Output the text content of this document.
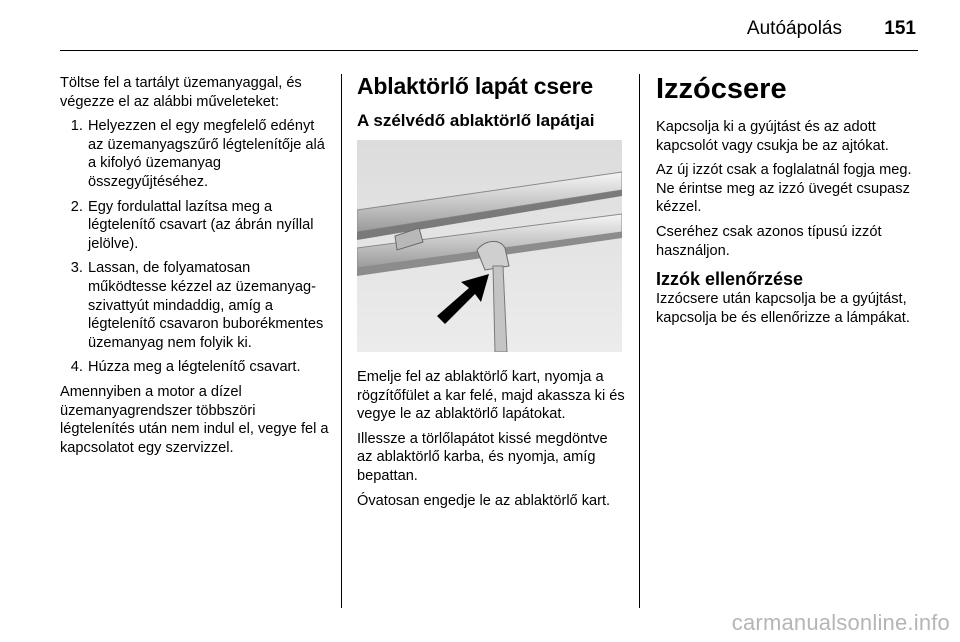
Autóápolás 151

Töltse fel a tartályt üzemanyaggal, és végezze el az alábbi műveleteket:

1. Helyezzen el egy megfelelő edényt az üzemanyagszűrő légtelenítője alá a kifolyó üzemanyag összegyűjtéséhez.
2. Egy fordulattal lazítsa meg a légtelenítő csavart (az ábrán nyíllal jelölve).
3. Lassan, de folyamatosan működtesse kézzel az üzemanyag-szivattyút mindaddig, amíg a légtelenítő csavaron buborékmentes üzemanyag nem folyik ki.
4. Húzza meg a légtelenítő csavart.

Amennyiben a motor a dízel üzemanyagrendszer többszöri légtelenítés után nem indul el, vegye fel a kapcsolatot egy szervizzel.

Ablaktörlő lapát csere
A szélvédő ablaktörlő lapátjai

Emelje fel az ablaktörlő kart, nyomja a rögzítőfület a kar felé, majd akassza ki és vegye le az ablaktörlő lapátokat.

Illessze a törlőlapátot kissé megdöntve az ablaktörlő karba, és nyomja, amíg bepattan.

Óvatosan engedje le az ablaktörlő kart.

Izzócsere

Kapcsolja ki a gyújtást és az adott kapcsolót vagy csukja be az ajtókat.

Az új izzót csak a foglalatnál fogja meg. Ne érintse meg az izzó üvegét csupasz kézzel.

Cseréhez csak azonos típusú izzót használjon.

Izzók ellenőrzése

Izzócsere után kapcsolja be a gyújtást, kapcsolja be és ellenőrizze a lámpákat.

carmanualsonline.info
